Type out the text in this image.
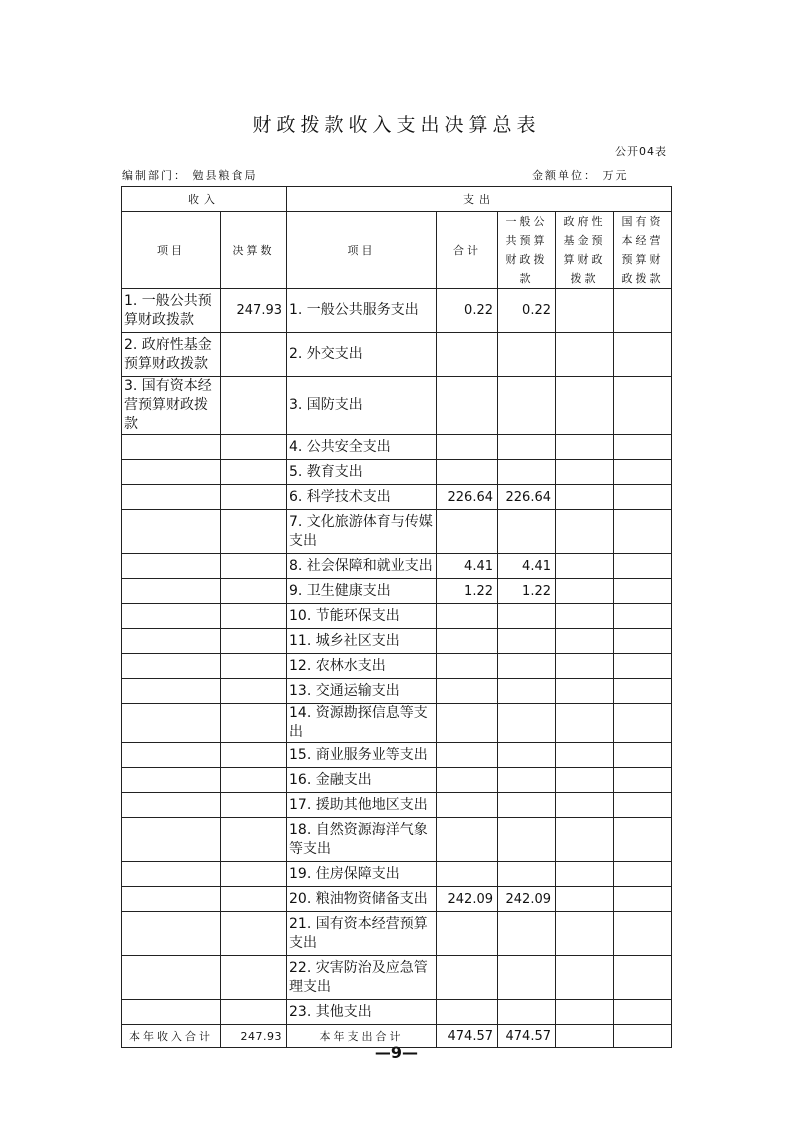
财政拨款收入支出决算总表
公开04表
编制部门： 勉县粮食局	金额单位： 万元
收入		支出				
项目	决算数	项目	合计	一般公共预算财政拨款	政府性基金预算财政拨款	国有资本经营预算财政拨款
1. 一般公共预算财政拨款	247.93	1. 一般公共服务支出	0.22	0.22		
2. 政府性基金预算财政拨款		2. 外交支出				
3. 国有资本经营预算财政拨款		3. 国防支出				
		4. 公共安全支出				
		5. 教育支出				
		6. 科学技术支出	226.64	226.64		
		7. 文化旅游体育与传媒支出				
		8. 社会保障和就业支出	4.41	4.41		
		9. 卫生健康支出	1.22	1.22		
		10. 节能环保支出				
		11. 城乡社区支出				
		12. 农林水支出				
		13. 交通运输支出				
		14. 资源勘探信息等支出				
		15. 商业服务业等支出				
		16. 金融支出				
		17. 援助其他地区支出				
		18. 自然资源海洋气象等支出				
		19. 住房保障支出				
		20. 粮油物资储备支出	242.09	242.09		
		21. 国有资本经营预算支出				
		22. 灾害防治及应急管理支出				
		23. 其他支出				
本年收入合计	247.93	本年支出合计	474.57	474.57		
—9—
